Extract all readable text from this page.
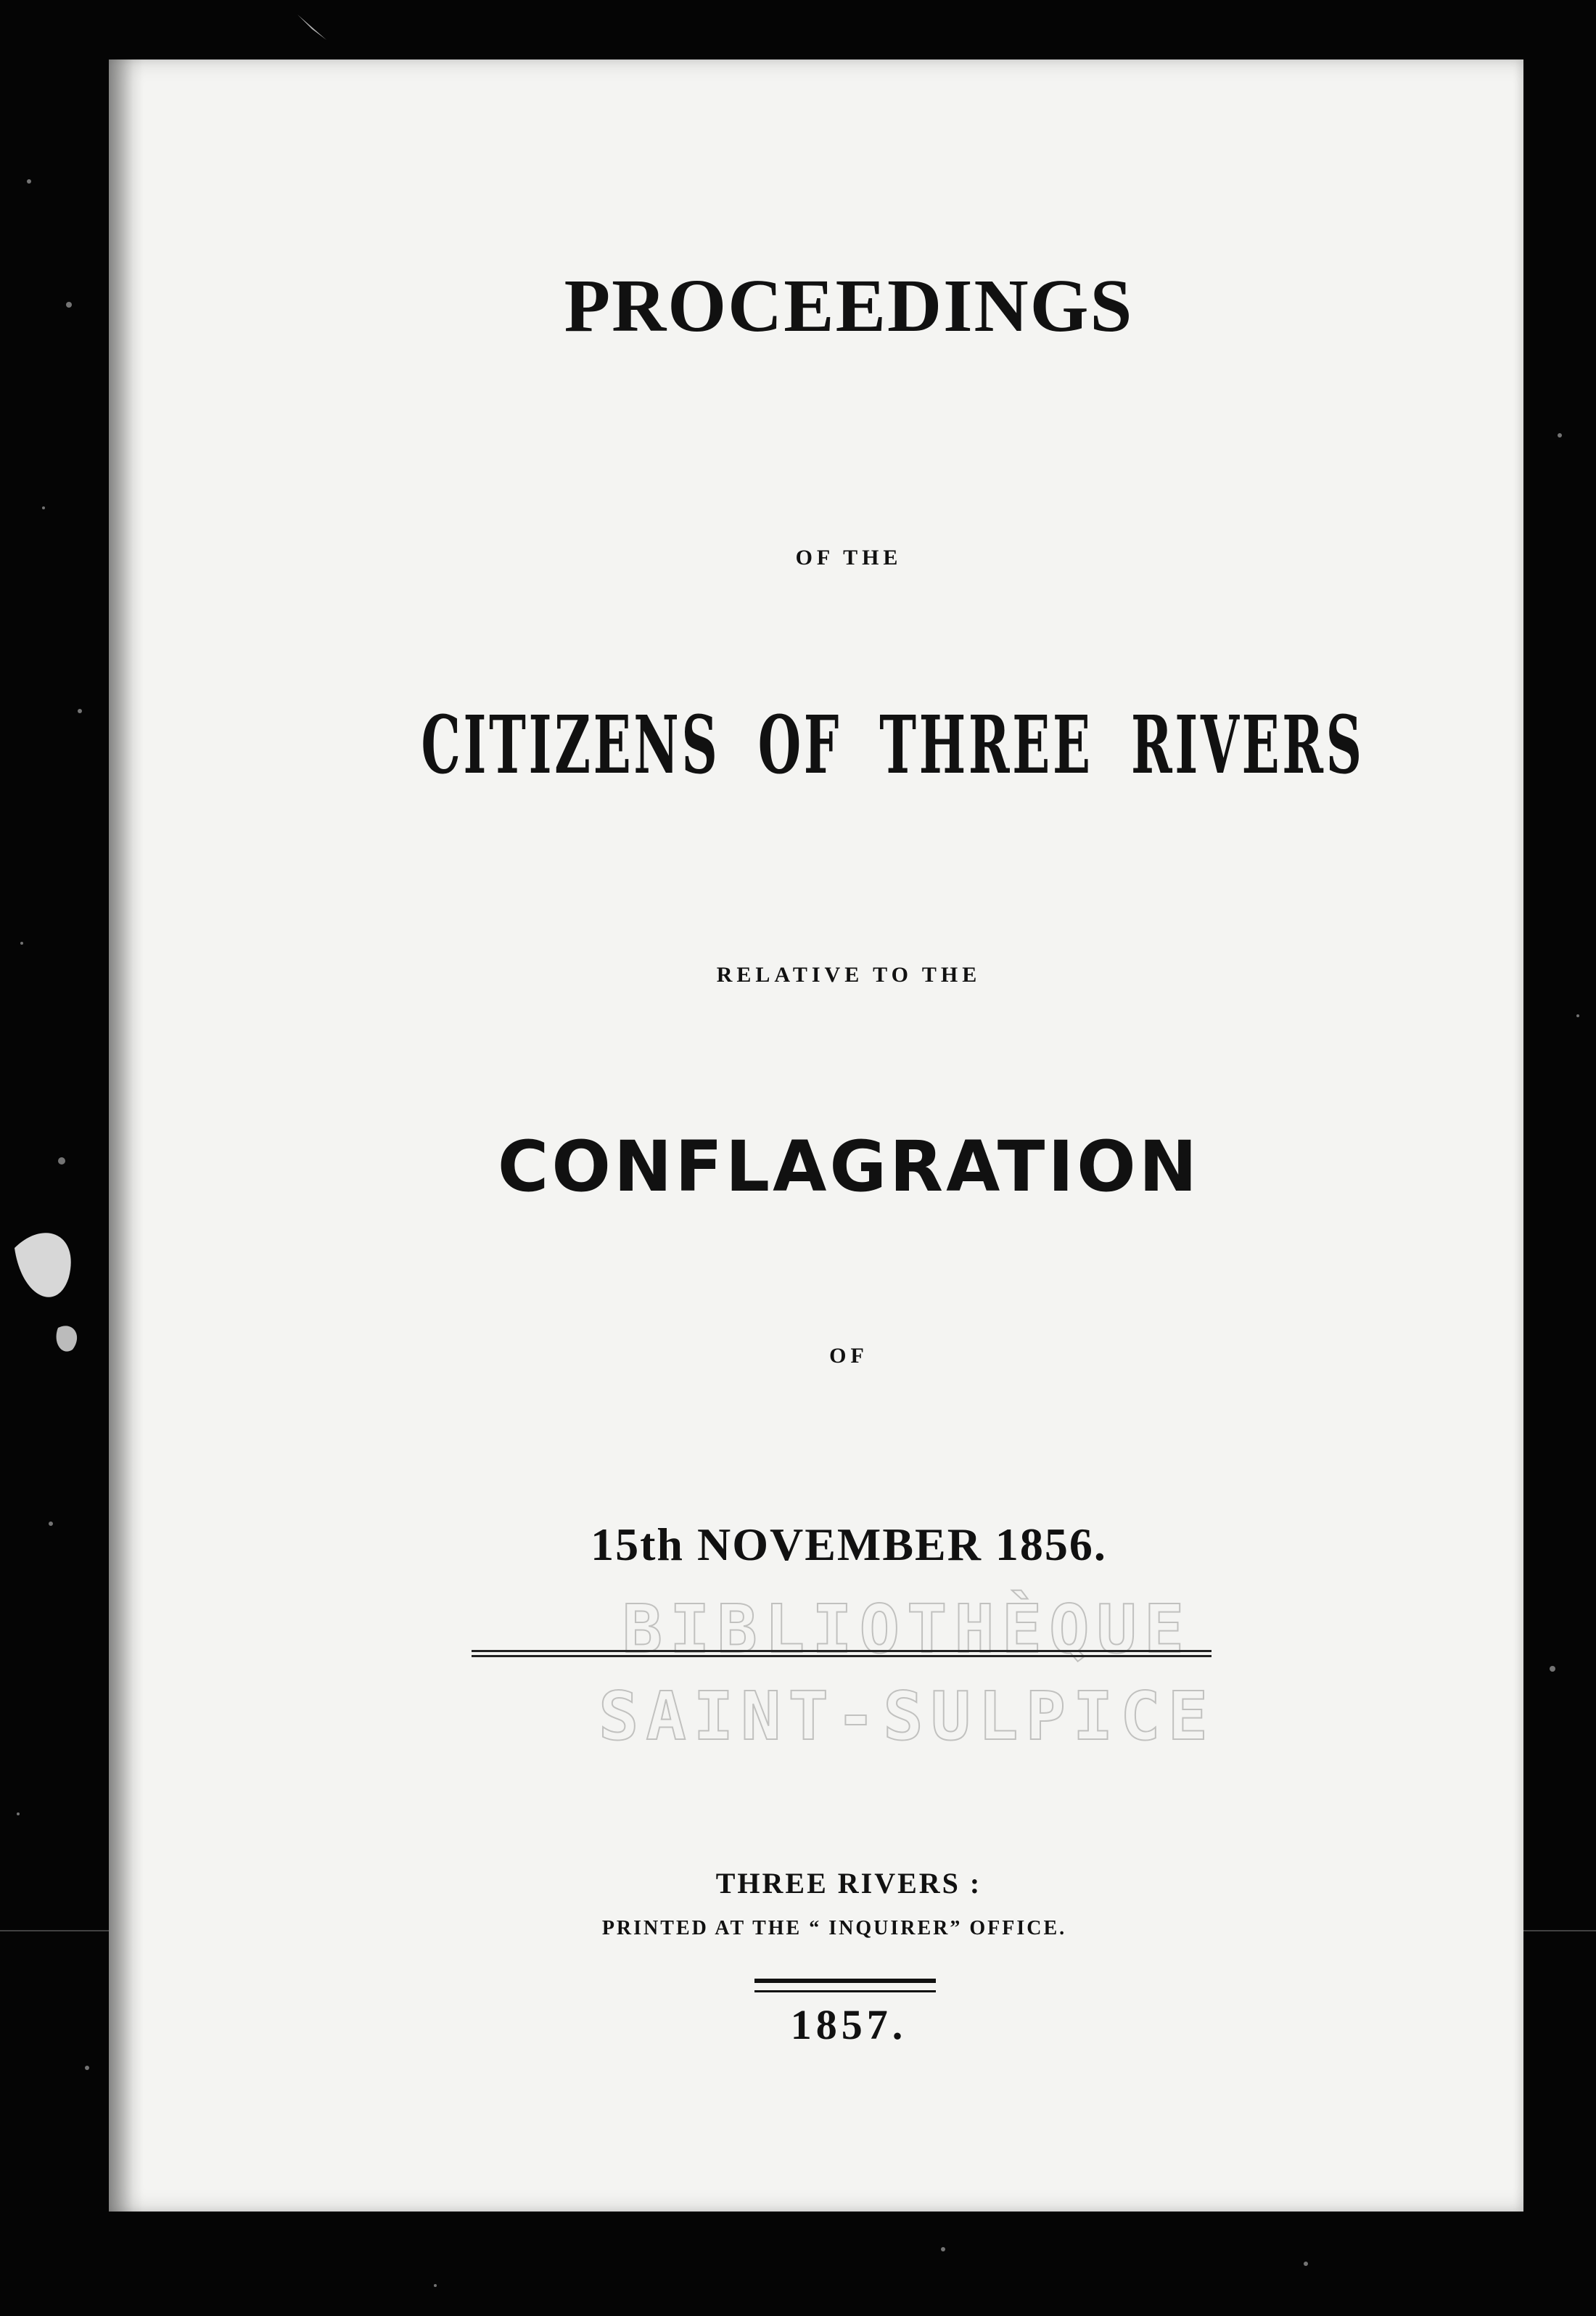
PROCEEDINGS
OF THE
CITIZENS OF THREE RIVERS
RELATIVE TO THE
CONFLAGRATION
OF
15th NOVEMBER 1856.
BIBLIOTHÈQUE
SAINT-SULPICE
THREE RIVERS :
PRINTED AT THE “ INQUIRER” OFFICE.
1857.
